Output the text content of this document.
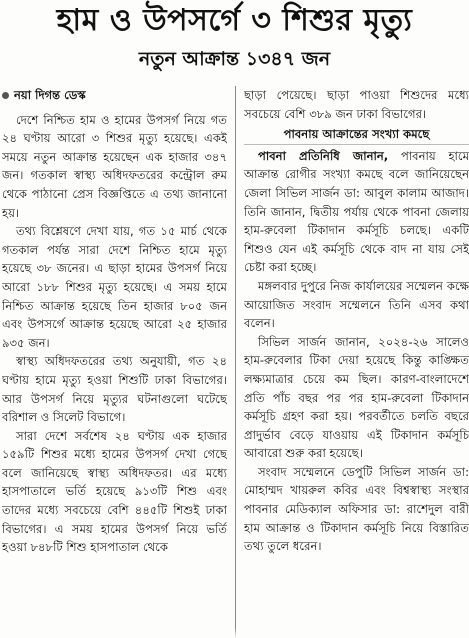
হাম ও উপসর্গে ৩ শিশুর মৃত্যু
নতুন আক্রান্ত ১৩৪৭ জন

নয়া দিগন্ত ডেস্ক

দেশে নিশ্চিত হাম ও হামের উপসর্গ নিয়ে গত ২৪ ঘণ্টায় আরো ৩ শিশুর মৃত্যু হয়েছে। একই সময়ে নতুন আক্রান্ত হয়েছেন এক হাজার ৩৪৭ জন। গতকাল স্বাস্থ্য অধিদফতরের কন্ট্রোল রুম থেকে পাঠানো প্রেস বিজ্ঞপ্তিতে এ তথ্য জানানো হয়।

তথ্য বিশ্লেষণে দেখা যায়, গত ১৫ মার্চ থেকে গতকাল পর্যন্ত সারা দেশে নিশ্চিত হামে মৃত্যু হয়েছে ৩৮ জনের। এ ছাড়া হামের উপসর্গ নিয়ে আরো ১৮৮ শিশুর মৃত্যু হয়েছে। এ সময় হামে নিশ্চিত আক্রান্ত হয়েছে তিন হাজার ৮০৫ জন এবং উপসর্গে আক্রান্ত হয়েছে আরো ২৫ হাজার ৯৩৫ জন।

স্বাস্থ্য অধিদফতরের তথ্য অনুযায়ী, গত ২৪ ঘণ্টায় হামে মৃত্যু হওয়া শিশুটি ঢাকা বিভাগের। আর উপসর্গ নিয়ে মৃত্যুর ঘটনাগুলো ঘটেছে বরিশাল ও সিলেট বিভাগে।

সারা দেশে সর্বশেষ ২৪ ঘণ্টায় এক হাজার ১৫৯টি শিশুর মধ্যে হামের উপসর্গ দেখা গেছে বলে জানিয়েছে স্বাস্থ্য অধিদফতর। এর মধ্যে হাসপাতালে ভর্তি হয়েছে ৯১৩টি শিশু এবং তাদের মধ্যে সবচেয়ে বেশি ৪৪৫টি শিশুই ঢাকা বিভাগের। এ সময় হামের উপসর্গ নিয়ে ভর্তি হওয়া ৮৪৮টি শিশু হাসপাতাল থেকে

ছাড়া পেয়েছে। ছাড়া পাওয়া শিশুদের মধ্যে সবচেয়ে বেশি ৩৮৯ জন ঢাকা বিভাগের।

পাবনায় আক্রান্তের সংখ্যা কমছে

পাবনা প্রতিনিধি জানান, পাবনায় হামে আক্রান্ত রোগীর সংখ্যা কমছে বলে জানিয়েছেন জেলা সিভিল সার্জন ডা: আবুল কালাম আজাদ। তিনি জানান, দ্বিতীয় পর্যায় থেকে পাবনা জেলায় হাম-রুবেলা টিকাদান কর্মসূচি চলছে। একটি শিশুও যেন এই কর্মসূচি থেকে বাদ না যায় সেই চেষ্টা করা হচ্ছে।

মঙ্গলবার দুপুরে নিজ কার্যালয়ের সম্মেলন কক্ষে আয়োজিত সংবাদ সম্মেলনে তিনি এসব কথা বলেন।

সিভিল সার্জন জানান, ২০২৪-২৬ সালেও হাম-রুবেলার টিকা দেয়া হয়েছে কিন্তু কাঙ্ক্ষিত লক্ষ্যমাত্রার চেয়ে কম ছিল। কারণ-বাংলাদেশে প্রতি পাঁচ বছর পর পর হাম-রুবেলা টিকাদান কর্মসূচি গ্রহণ করা হয়। পরবর্তীতে চলতি বছরে প্রাদুর্ভাব বেড়ে যাওয়ায় এই টিকাদান কর্মসূচি আবারো শুরু করা হয়েছে।

সংবাদ সম্মেলনে ডেপুটি সিভিল সার্জন ডা: মোহাম্মদ খায়রুল কবির এবং বিশ্বস্বাস্থ্য সংস্থার পাবনার মেডিক্যাল অফিসার ডা: রাশেদুল বারী হাম আক্রান্ত ও টিকাদান কর্মসূচি নিয়ে বিস্তারিত তথ্য তুলে ধরেন।
